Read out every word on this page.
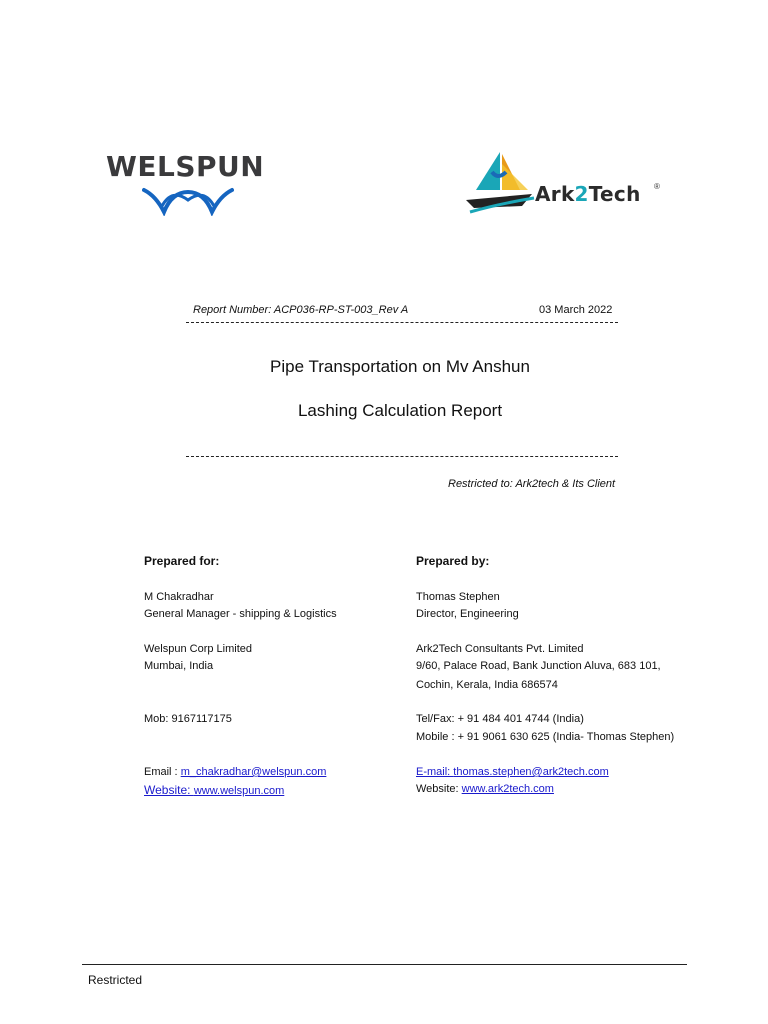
WELSPUN
Ark2Tech ®
Report Number: ACP036-RP-ST-003_Rev A	03 March 2022
Pipe Transportation on Mv Anshun
Lashing Calculation Report
Restricted to: Ark2tech & Its Client
Prepared for:
M Chakradhar
General Manager - shipping & Logistics
Welspun Corp Limited
Mumbai, India
Mob: 9167117175
Email : m_chakradhar@welspun.com
Website: www.welspun.com
Prepared by:
Thomas Stephen
Director, Engineering
Ark2Tech Consultants Pvt. Limited
9/60, Palace Road, Bank Junction Aluva, 683 101,
Cochin, Kerala, India 686574
Tel/Fax: + 91 484 401 4744 (India)
Mobile : + 91 9061 630 625 (India- Thomas Stephen)
E-mail: thomas.stephen@ark2tech.com
Website: www.ark2tech.com
Restricted
